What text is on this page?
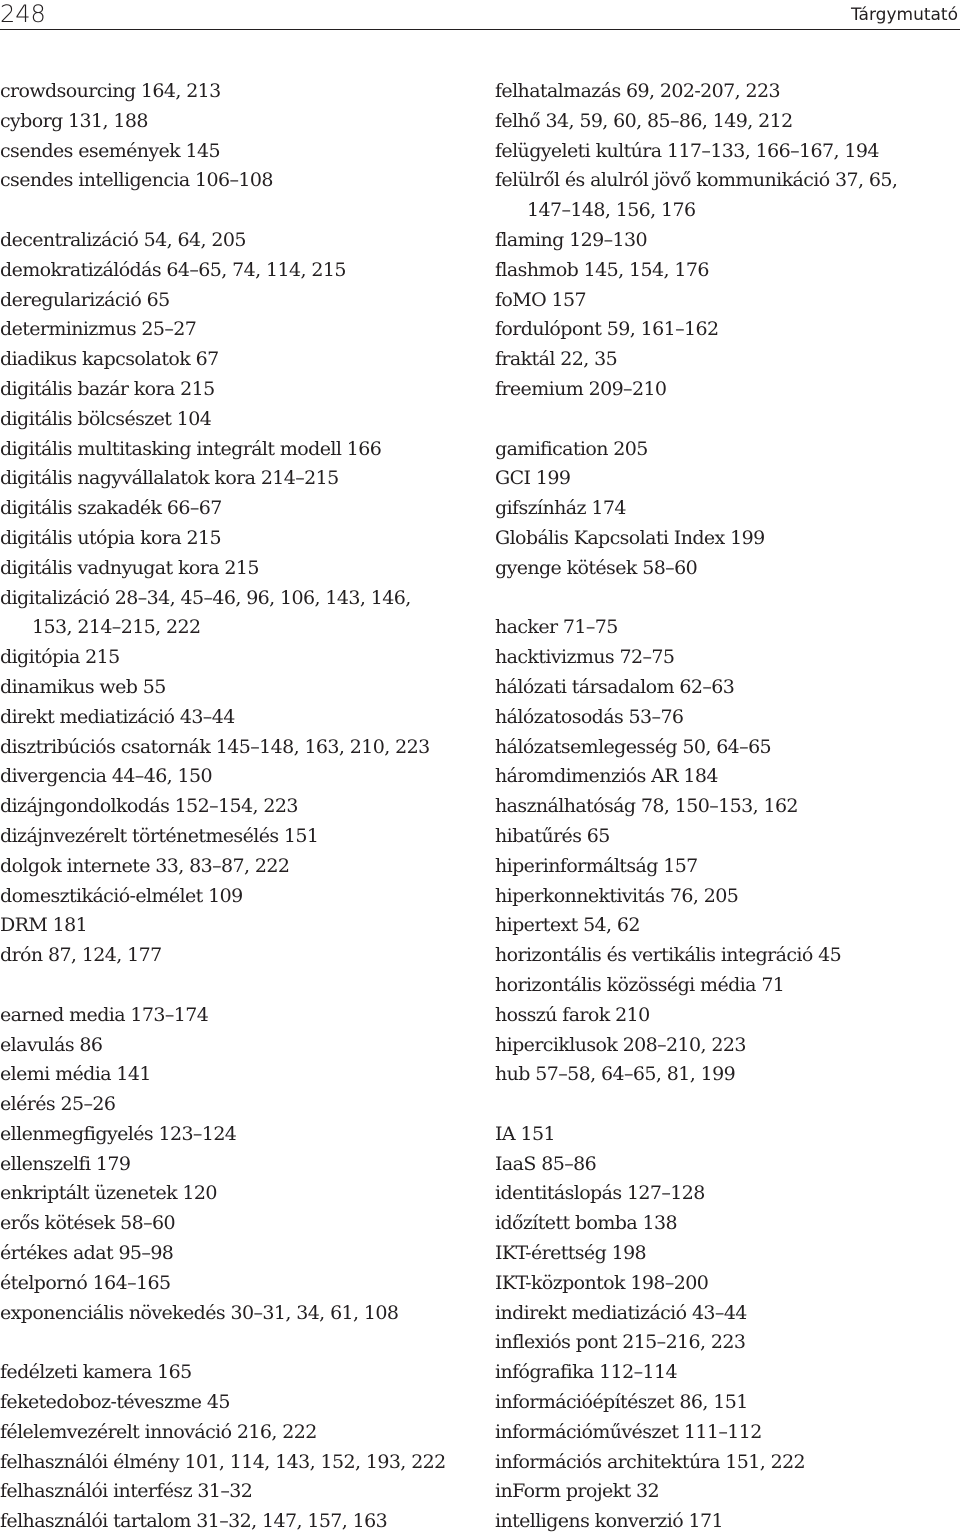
248	Tárgymutató
crowdsourcing 164, 213
cyborg 131, 188
csendes események 145
csendes intelligencia 106–108
decentralizáció 54, 64, 205
demokratizálódás 64–65, 74, 114, 215
deregularizáció 65
determinizmus 25–27
diadikus kapcsolatok 67
digitális bazár kora 215
digitális bölcsészet 104
digitális multitasking integrált modell 166
digitális nagyvállalatok kora 214–215
digitális szakadék 66–67
digitális utópia kora 215
digitális vadnyugat kora 215
digitalizáció 28–34, 45–46, 96, 106, 143, 146,
153, 214–215, 222
digitópia 215
dinamikus web 55
direkt mediatizáció 43–44
disztribúciós csatornák 145–148, 163, 210, 223
divergencia 44–46, 150
dizájngondolkodás 152–154, 223
dizájnvezérelt történetmesélés 151
dolgok internete 33, 83–87, 222
domesztikáció-elmélet 109
DRM 181
drón 87, 124, 177
earned media 173–174
elavulás 86
elemi média 141
elérés 25–26
ellenmegfigyelés 123–124
ellenszelfi 179
enkriptált üzenetek 120
erős kötések 58–60
értékes adat 95–98
ételpornó 164–165
exponenciális növekedés 30–31, 34, 61, 108
fedélzeti kamera 165
feketedoboz-téveszme 45
félelemvezérelt innováció 216, 222
felhasználói élmény 101, 114, 143, 152, 193, 222
felhasználói interfész 31–32
felhasználói tartalom 31–32, 147, 157, 163
felhatalmazás 69, 202-207, 223
felhő 34, 59, 60, 85–86, 149, 212
felügyeleti kultúra 117–133, 166–167, 194
felülről és alulról jövő kommunikáció 37, 65,
147–148, 156, 176
flaming 129–130
flashmob 145, 154, 176
foMO 157
fordulópont 59, 161–162
fraktál 22, 35
freemium 209–210
gamification 205
GCI 199
gifszínház 174
Globális Kapcsolati Index 199
gyenge kötések 58–60
hacker 71–75
hacktivizmus 72–75
hálózati társadalom 62–63
hálózatosodás 53–76
hálózatsemlegesség 50, 64–65
háromdimenziós AR 184
használhatóság 78, 150–153, 162
hibatűrés 65
hiperinformáltság 157
hiperkonnektivitás 76, 205
hipertext 54, 62
horizontális és vertikális integráció 45
horizontális közösségi média 71
hosszú farok 210
hiperciklusok 208–210, 223
hub 57–58, 64–65, 81, 199
IA 151
IaaS 85–86
identitáslopás 127–128
időzített bomba 138
IKT-érettség 198
IKT-központok 198–200
indirekt mediatizáció 43–44
inflexiós pont 215–216, 223
infógrafika 112–114
információépítészet 86, 151
információművészet 111–112
információs architektúra 151, 222
inForm projekt 32
intelligens konverzió 171
